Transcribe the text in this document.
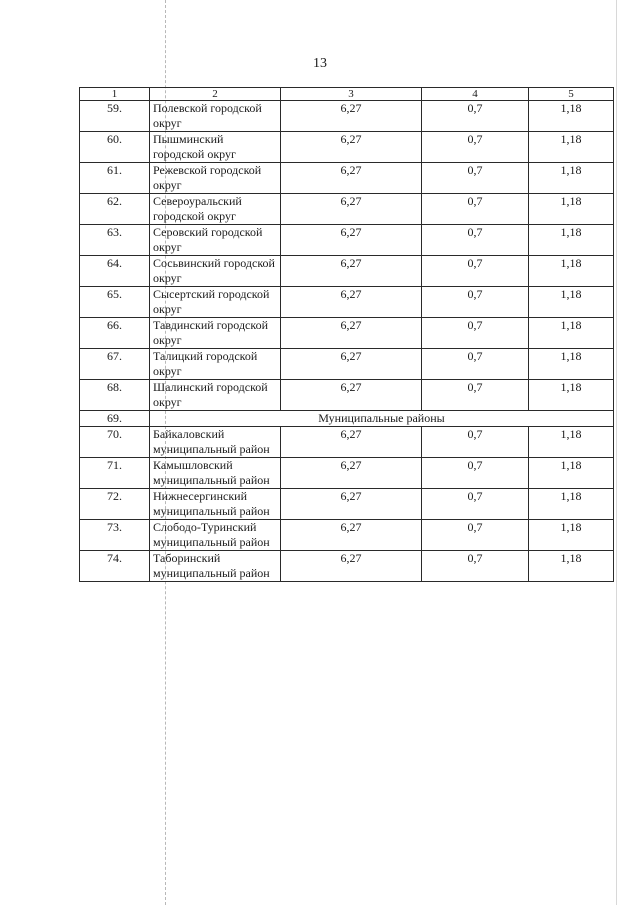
13
1	2	3	4	5
59.	Полевской городской округ	6,27	0,7	1,18
60.	Пышминский городской округ	6,27	0,7	1,18
61.	Режевской городской округ	6,27	0,7	1,18
62.	Североуральский городской округ	6,27	0,7	1,18
63.	Серовский городской округ	6,27	0,7	1,18
64.	Сосьвинский городской округ	6,27	0,7	1,18
65.	Сысертский городской округ	6,27	0,7	1,18
66.	Тавдинский городской округ	6,27	0,7	1,18
67.	Талицкий городской округ	6,27	0,7	1,18
68.	Шалинский городской округ	6,27	0,7	1,18
69.	Муниципальные районы			
70.	Байкаловский муниципальный район	6,27	0,7	1,18
71.	Камышловский муниципальный район	6,27	0,7	1,18
72.	Нижнесергинский муниципальный район	6,27	0,7	1,18
73.	Слободо-Туринский муниципальный район	6,27	0,7	1,18
74.	Таборинский муниципальный район	6,27	0,7	1,18
